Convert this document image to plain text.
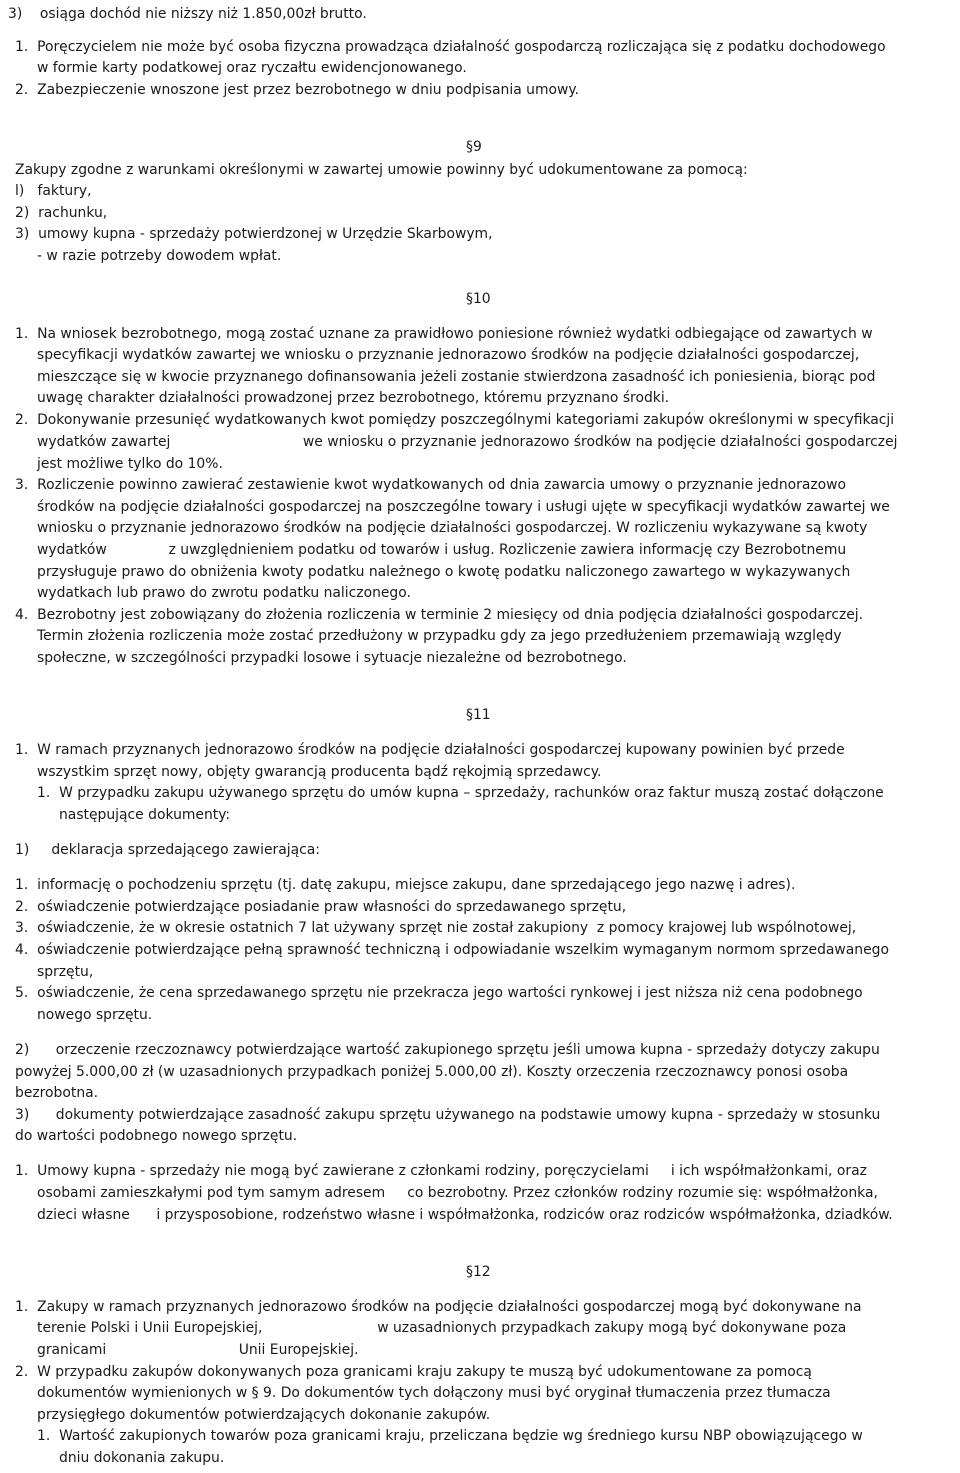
3)    osiąga dochód nie niższy niż 1.850,00zł brutto.
1.  Poręczycielem nie może być osoba fizyczna prowadząca działalność gospodarczą rozliczająca się z podatku dochodowego
w formie karty podatkowej oraz ryczałtu ewidencjonowanego.
2.  Zabezpieczenie wnoszone jest przez bezrobotnego w dniu podpisania umowy.
§9
Zakupy zgodne z warunkami określonymi w zawartej umowie powinny być udokumentowane za pomocą:
l)   faktury,
2)  rachunku,
3)  umowy kupna - sprzedaży potwierdzonej w Urzędzie Skarbowym,
- w razie potrzeby dowodem wpłat.
§10
1.  Na wniosek bezrobotnego, mogą zostać uznane za prawidłowo poniesione również wydatki odbiegające od zawartych w
specyfikacji wydatków zawartej we wniosku o przyznanie jednorazowo środków na podjęcie działalności gospodarczej,
mieszczące się w kwocie przyznanego dofinansowania jeżeli zostanie stwierdzona zasadność ich poniesienia, biorąc pod
uwagę charakter działalności prowadzonej przez bezrobotnego, któremu przyznano środki.
2.  Dokonywanie przesunięć wydatkowanych kwot pomiędzy poszczególnymi kategoriami zakupów określonymi w specyfikacji
wydatków zawartej                              we wniosku o przyznanie jednorazowo środków na podjęcie działalności gospodarczej
jest możliwe tylko do 10%.
3.  Rozliczenie powinno zawierać zestawienie kwot wydatkowanych od dnia zawarcia umowy o przyznanie jednorazowo
środków na podjęcie działalności gospodarczej na poszczególne towary i usługi ujęte w specyfikacji wydatków zawartej we
wniosku o przyznanie jednorazowo środków na podjęcie działalności gospodarczej. W rozliczeniu wykazywane są kwoty
wydatków              z uwzględnieniem podatku od towarów i usług. Rozliczenie zawiera informację czy Bezrobotnemu
przysługuje prawo do obniżenia kwoty podatku należnego o kwotę podatku naliczonego zawartego w wykazywanych
wydatkach lub prawo do zwrotu podatku naliczonego.
4.  Bezrobotny jest zobowiązany do złożenia rozliczenia w terminie 2 miesięcy od dnia podjęcia działalności gospodarczej.
Termin złożenia rozliczenia może zostać przedłużony w przypadku gdy za jego przedłużeniem przemawiają względy
społeczne, w szczególności przypadki losowe i sytuacje niezależne od bezrobotnego.
§11
1.  W ramach przyznanych jednorazowo środków na podjęcie działalności gospodarczej kupowany powinien być przede
wszystkim sprzęt nowy, objęty gwarancją producenta bądź rękojmią sprzedawcy.
1.  W przypadku zakupu używanego sprzętu do umów kupna – sprzedaży, rachunków oraz faktur muszą zostać dołączone
następujące dokumenty:
1)     deklaracja sprzedającego zawierająca:
1.  informację o pochodzeniu sprzętu (tj. datę zakupu, miejsce zakupu, dane sprzedającego jego nazwę i adres).
2.  oświadczenie potwierdzające posiadanie praw własności do sprzedawanego sprzętu,
3.  oświadczenie, że w okresie ostatnich 7 lat używany sprzęt nie został zakupiony  z pomocy krajowej lub wspólnotowej,
4.  oświadczenie potwierdzające pełną sprawność techniczną i odpowiadanie wszelkim wymaganym normom sprzedawanego
sprzętu,
5.  oświadczenie, że cena sprzedawanego sprzętu nie przekracza jego wartości rynkowej i jest niższa niż cena podobnego
nowego sprzętu.
2)      orzeczenie rzeczoznawcy potwierdzające wartość zakupionego sprzętu jeśli umowa kupna - sprzedaży dotyczy zakupu
powyżej 5.000,00 zł (w uzasadnionych przypadkach poniżej 5.000,00 zł). Koszty orzeczenia rzeczoznawcy ponosi osoba
bezrobotna.
3)      dokumenty potwierdzające zasadność zakupu sprzętu używanego na podstawie umowy kupna - sprzedaży w stosunku
do wartości podobnego nowego sprzętu.
1.  Umowy kupna - sprzedaży nie mogą być zawierane z członkami rodziny, poręczycielami     i ich współmałżonkami, oraz
osobami zamieszkałymi pod tym samym adresem     co bezrobotny. Przez członków rodziny rozumie się: współmałżonka,
dzieci własne      i przysposobione, rodzeństwo własne i współmałżonka, rodziców oraz rodziców współmałżonka, dziadków.
§12
1.  Zakupy w ramach przyznanych jednorazowo środków na podjęcie działalności gospodarczej mogą być dokonywane na
terenie Polski i Unii Europejskiej,                          w uzasadnionych przypadkach zakupy mogą być dokonywane poza
granicami                              Unii Europejskiej.
2.  W przypadku zakupów dokonywanych poza granicami kraju zakupy te muszą być udokumentowane za pomocą
dokumentów wymienionych w § 9. Do dokumentów tych dołączony musi być oryginał tłumaczenia przez tłumacza
przysięgłego dokumentów potwierdzających dokonanie zakupów.
1.  Wartość zakupionych towarów poza granicami kraju, przeliczana będzie wg średniego kursu NBP obowiązującego w
dniu dokonania zakupu.
